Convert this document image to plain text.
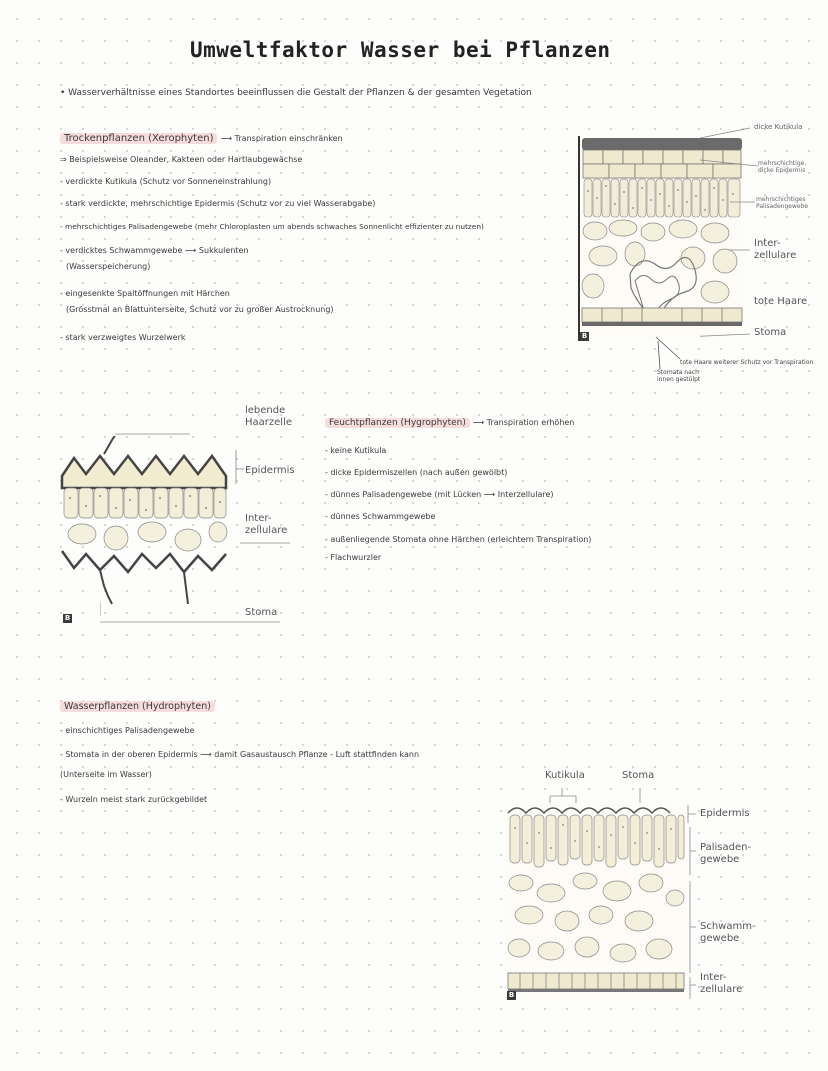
Umweltfaktor Wasser bei Pflanzen
• Wasserverhältnisse eines Standortes beeinflussen die Gestalt der Pflanzen & der gesamten Vegetation
Trockenpflanzen (Xerophyten) ⟶ Transpiration einschränken
⇒ Beispielsweise Oleander, Kakteen oder Hartlaubgewächse
- verdickte Kutikula (Schutz vor Sonneneinstrahlung)
- stark verdickte, mehrschichtige Epidermis (Schutz vor zu viel Wasserabgabe)
- mehrschichtiges Palisadengewebe (mehr Chloroplasten um abends schwaches Sonnenlicht effizienter zu nutzen)
- verdicktes Schwammgewebe ⟶ Sukkulenten
(Wasserspeicherung)
- eingesenkte Spaltöffnungen mit Härchen
(Grösstmal an Blattunterseite, Schutz vor zu großer Austrocknung)
- stark verzweigtes Wurzelwerk	B
dicke Kutikula
mehrschichtige, dicke Epidermis
mehrschichtiges Palisadengewebe
Inter-
zellulare
tote Haare
Stoma
tote Haare weiterer Schutz vor Transpiration
Stomata nach innen gestülpt
B
lebende
Haarzelle
Epidermis
Inter-
zellulare
Stoma
Feuchtpflanzen (Hygrophyten) ⟶ Transpiration erhöhen
- keine Kutikula
- dicke Epidermiszellen (nach außen gewölbt)
- dünnes Palisadengewebe (mit Lücken ⟶ Interzellulare)
- dünnes Schwammgewebe
- außenliegende Stomata ohne Härchen (erleichtern Transpiration)
- Flachwurzler
Wasserpflanzen (Hydrophyten)
- einschichtiges Palisadengewebe
- Stomata in der oberen Epidermis ⟶ damit Gasaustausch Pflanze - Luft stattfinden kann
(Unterseite im Wasser)
- Wurzeln meist stark zurückgebildet
Kutikula	Stoma
B
Epidermis
Palisaden-
gewebe
Schwamm-
gewebe
Inter-
zellulare
